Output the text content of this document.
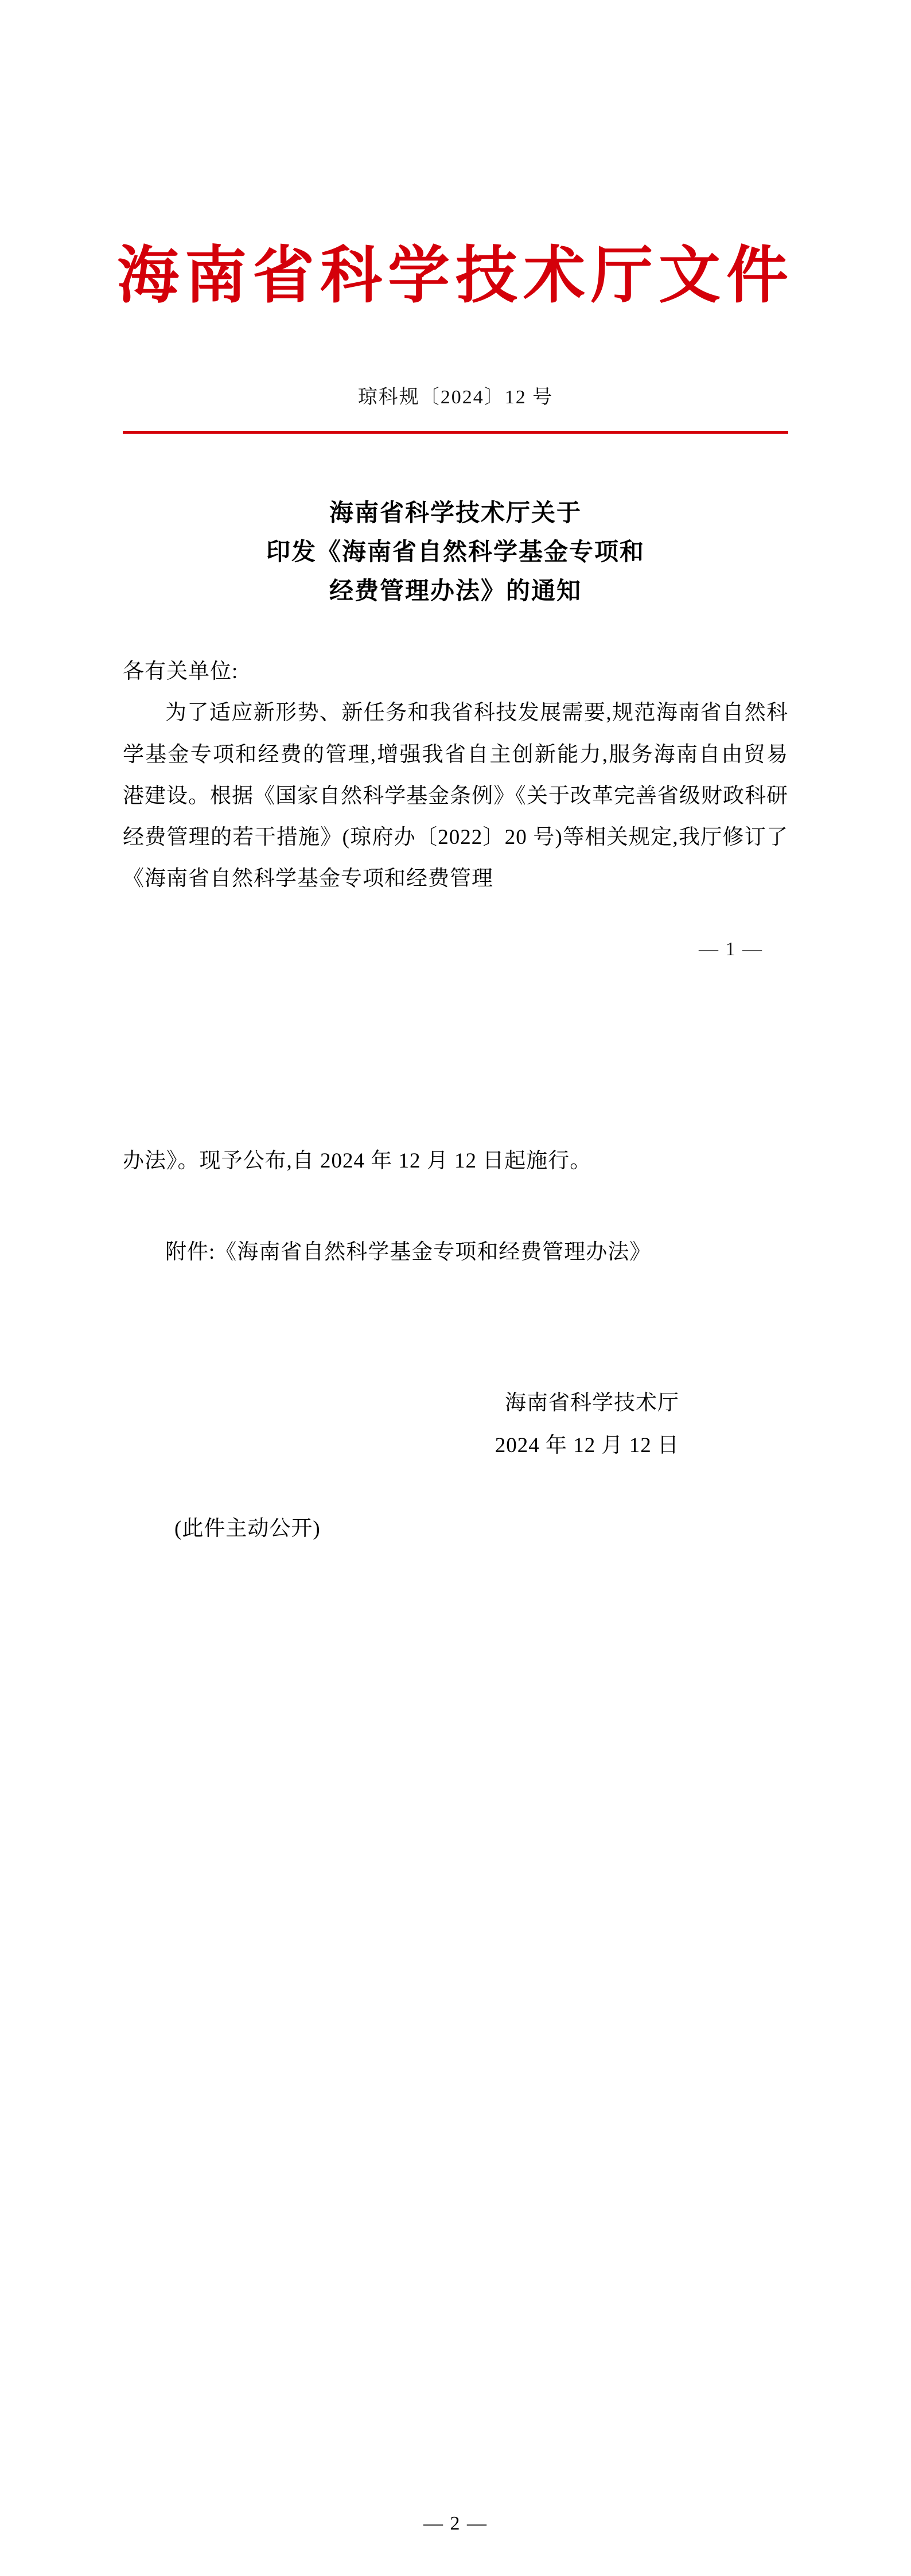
海南省科学技术厅文件
琼科规〔2024〕12 号
海南省科学技术厅关于
印发《海南省自然科学基金专项和
经费管理办法》的通知

各有关单位:

为了适应新形势、新任务和我省科技发展需要,规范海南省自然科学基金专项和经费的管理,增强我省自主创新能力,服务海南自由贸易港建设。根据《国家自然科学基金条例》《关于改革完善省级财政科研经费管理的若干措施》(琼府办〔2022〕20 号)等相关规定,我厅修订了《海南省自然科学基金专项和经费管理

— 1 —

办法》。现予公布,自 2024 年 12 月 12 日起施行。

附件:《海南省自然科学基金专项和经费管理办法》

海南省科学技术厅
2024 年 12 月 12 日
(此件主动公开)
— 2 —
